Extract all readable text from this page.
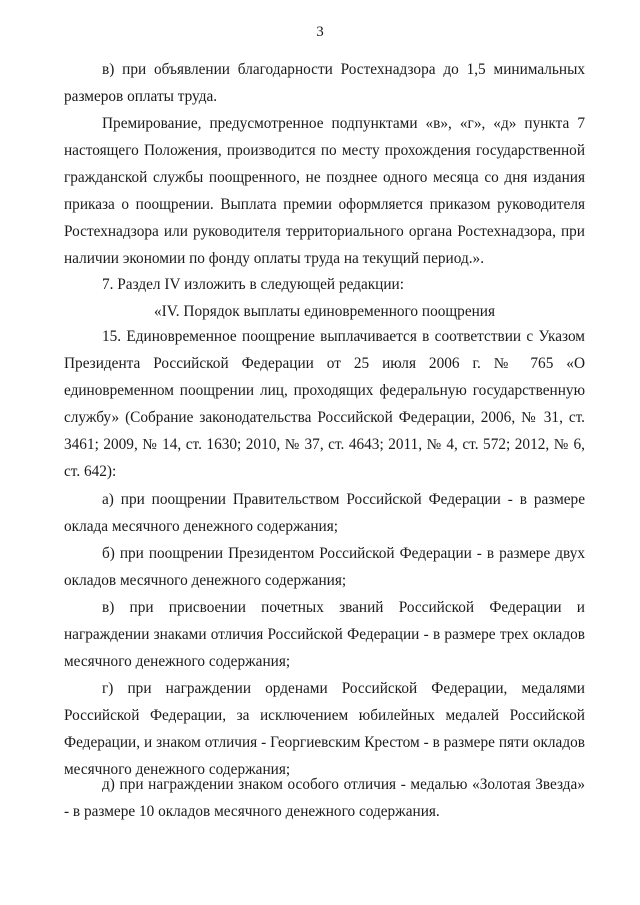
3

в) при объявлении благодарности Ростехнадзора до 1,5 минимальных размеров оплаты труда.

Премирование, предусмотренное подпунктами «в», «г», «д» пункта 7 настоящего Положения, производится по месту прохождения государственной гражданской службы поощренного, не позднее одного месяца со дня издания приказа о поощрении. Выплата премии оформляется приказом руководителя Ростехнадзора или руководителя территориального органа Ростехнадзора, при наличии экономии по фонду оплаты труда на текущий период.».

7. Раздел IV изложить в следующей редакции:

«IV. Порядок выплаты единовременного поощрения

15. Единовременное поощрение выплачивается в соответствии с Указом Президента Российской Федерации от 25 июля 2006 г. № 765 «О единовременном поощрении лиц, проходящих федеральную государственную службу» (Собрание законодательства Российской Федерации, 2006, № 31, ст. 3461; 2009, № 14, ст. 1630; 2010, № 37, ст. 4643; 2011, № 4, ст. 572; 2012, № 6, ст. 642):

а) при поощрении Правительством Российской Федерации - в размере оклада месячного денежного содержания;

б) при поощрении Президентом Российской Федерации - в размере двух окладов месячного денежного содержания;

в) при присвоении почетных званий Российской Федерации и награждении знаками отличия Российской Федерации - в размере трех окладов месячного денежного содержания;

г) при награждении орденами Российской Федерации, медалями Российской Федерации, за исключением юбилейных медалей Российской Федерации, и знаком отличия - Георгиевским Крестом - в размере пяти окладов месячного денежного содержания;

д) при награждении знаком особого отличия - медалью «Золотая Звезда» - в размере 10 окладов месячного денежного содержания.
